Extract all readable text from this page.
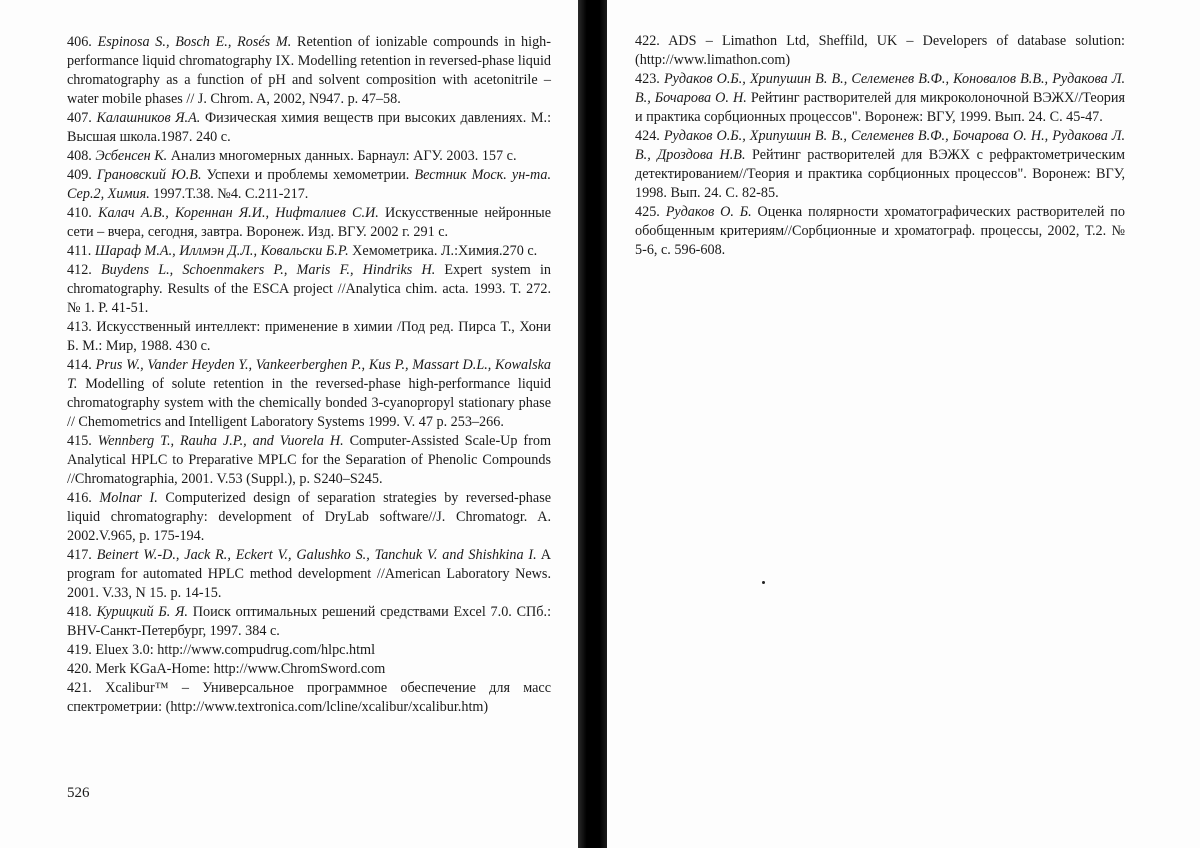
406. Espinosa S., Bosch E., Rosés M. Retention of ionizable compounds in high-performance liquid chromatography IX. Modelling retention in reversed-phase liquid chromatography as a function of pH and solvent composition with acetonitrile – water mobile phases // J. Chrom. A, 2002, N947. p. 47–58.

407. Калашников Я.А. Физическая химия веществ при высоких давлениях. М.: Высшая школа.1987. 240 с.

408. Эсбенсен К. Анализ многомерных данных. Барнаул: АГУ. 2003. 157 с.

409. Грановский Ю.В. Успехи и проблемы хемометрии. Вестник Моск. ун-та. Сер.2, Химия. 1997.Т.38. №4. С.211-217.

410. Калач А.В., Кореннан Я.И., Нифталиев С.И. Искусственные нейронные сети – вчера, сегодня, завтра. Воронеж. Изд. ВГУ. 2002 г. 291 с.

411. Шараф М.А., Иллмэн Д.Л., Ковальски Б.Р. Хемометрика. Л.:Химия.270 с.

412. Buydens L., Schoenmakers P., Maris F., Hindriks H. Expert system in chromatography. Results of the ESCA project //Analytica chim. acta. 1993. T. 272. № 1. P. 41-51.

413. Искусственный интеллект: применение в химии /Под ред. Пирса Т., Хони Б. М.: Мир, 1988. 430 с.

414. Prus W., Vander Heyden Y., Vankeerberghen P., Kus P., Massart D.L., Kowalska T. Modelling of solute retention in the reversed-phase high-performance liquid chromatography system with the chemically bonded 3-cyanopropyl stationary phase // Chemometrics and Intelligent Laboratory Systems 1999. V. 47 p. 253–266.

415. Wennberg T., Rauha J.P., and Vuorela H. Computer-Assisted Scale-Up from Analytical HPLC to Preparative MPLC for the Separation of Phenolic Compounds //Chromatographia, 2001. V.53 (Suppl.), p. S240–S245.

416. Molnar I. Computerized design of separation strategies by reversed-phase liquid chromatography: development of DryLab software//J. Chromatogr. A. 2002.V.965, p. 175-194.

417. Beinert W.-D., Jack R., Eckert V., Galushko S., Tanchuk V. and Shishkina I. A program for automated HPLC method development //American Laboratory News. 2001. V.33, N 15. p. 14-15.

418. Курицкий Б. Я. Поиск оптимальных решений средствами Excel 7.0. СПб.: BHV-Санкт-Петербург, 1997. 384 с.

419. Eluex 3.0: http://www.compudrug.com/hlpc.html

420. Merk KGaA-Home: http://www.ChromSword.com

421. Xcalibur™ – Универсальное программное обеспечение для масс спектрометрии: (http://www.textronica.com/lcline/xcalibur/xcalibur.htm)

526

422. ADS – Limathon Ltd, Sheffild, UK – Developers of database solution: (http://www.limathon.com)

423. Рудаков О.Б., Хрипушин В. В., Селеменев В.Ф., Коновалов В.В., Рудакова Л. В., Бочарова О. Н. Рейтинг растворителей для микроколоночной ВЭЖХ//Теория и практика сорбционных процессов". Воронеж: ВГУ, 1999. Вып. 24. С. 45-47.

424. Рудаков О.Б., Хрипушин В. В., Селеменев В.Ф., Бочарова О. Н., Рудакова Л. В., Дроздова Н.В. Рейтинг растворителей для ВЭЖХ с рефрактометрическим детектированием//Теория и практика сорбционных процессов". Воронеж: ВГУ, 1998. Вып. 24. С. 82-85.

425. Рудаков О. Б. Оценка полярности хроматографических растворителей по обобщенным критериям//Сорбционные и хроматограф. процессы, 2002, Т.2. № 5-6, с. 596-608.
